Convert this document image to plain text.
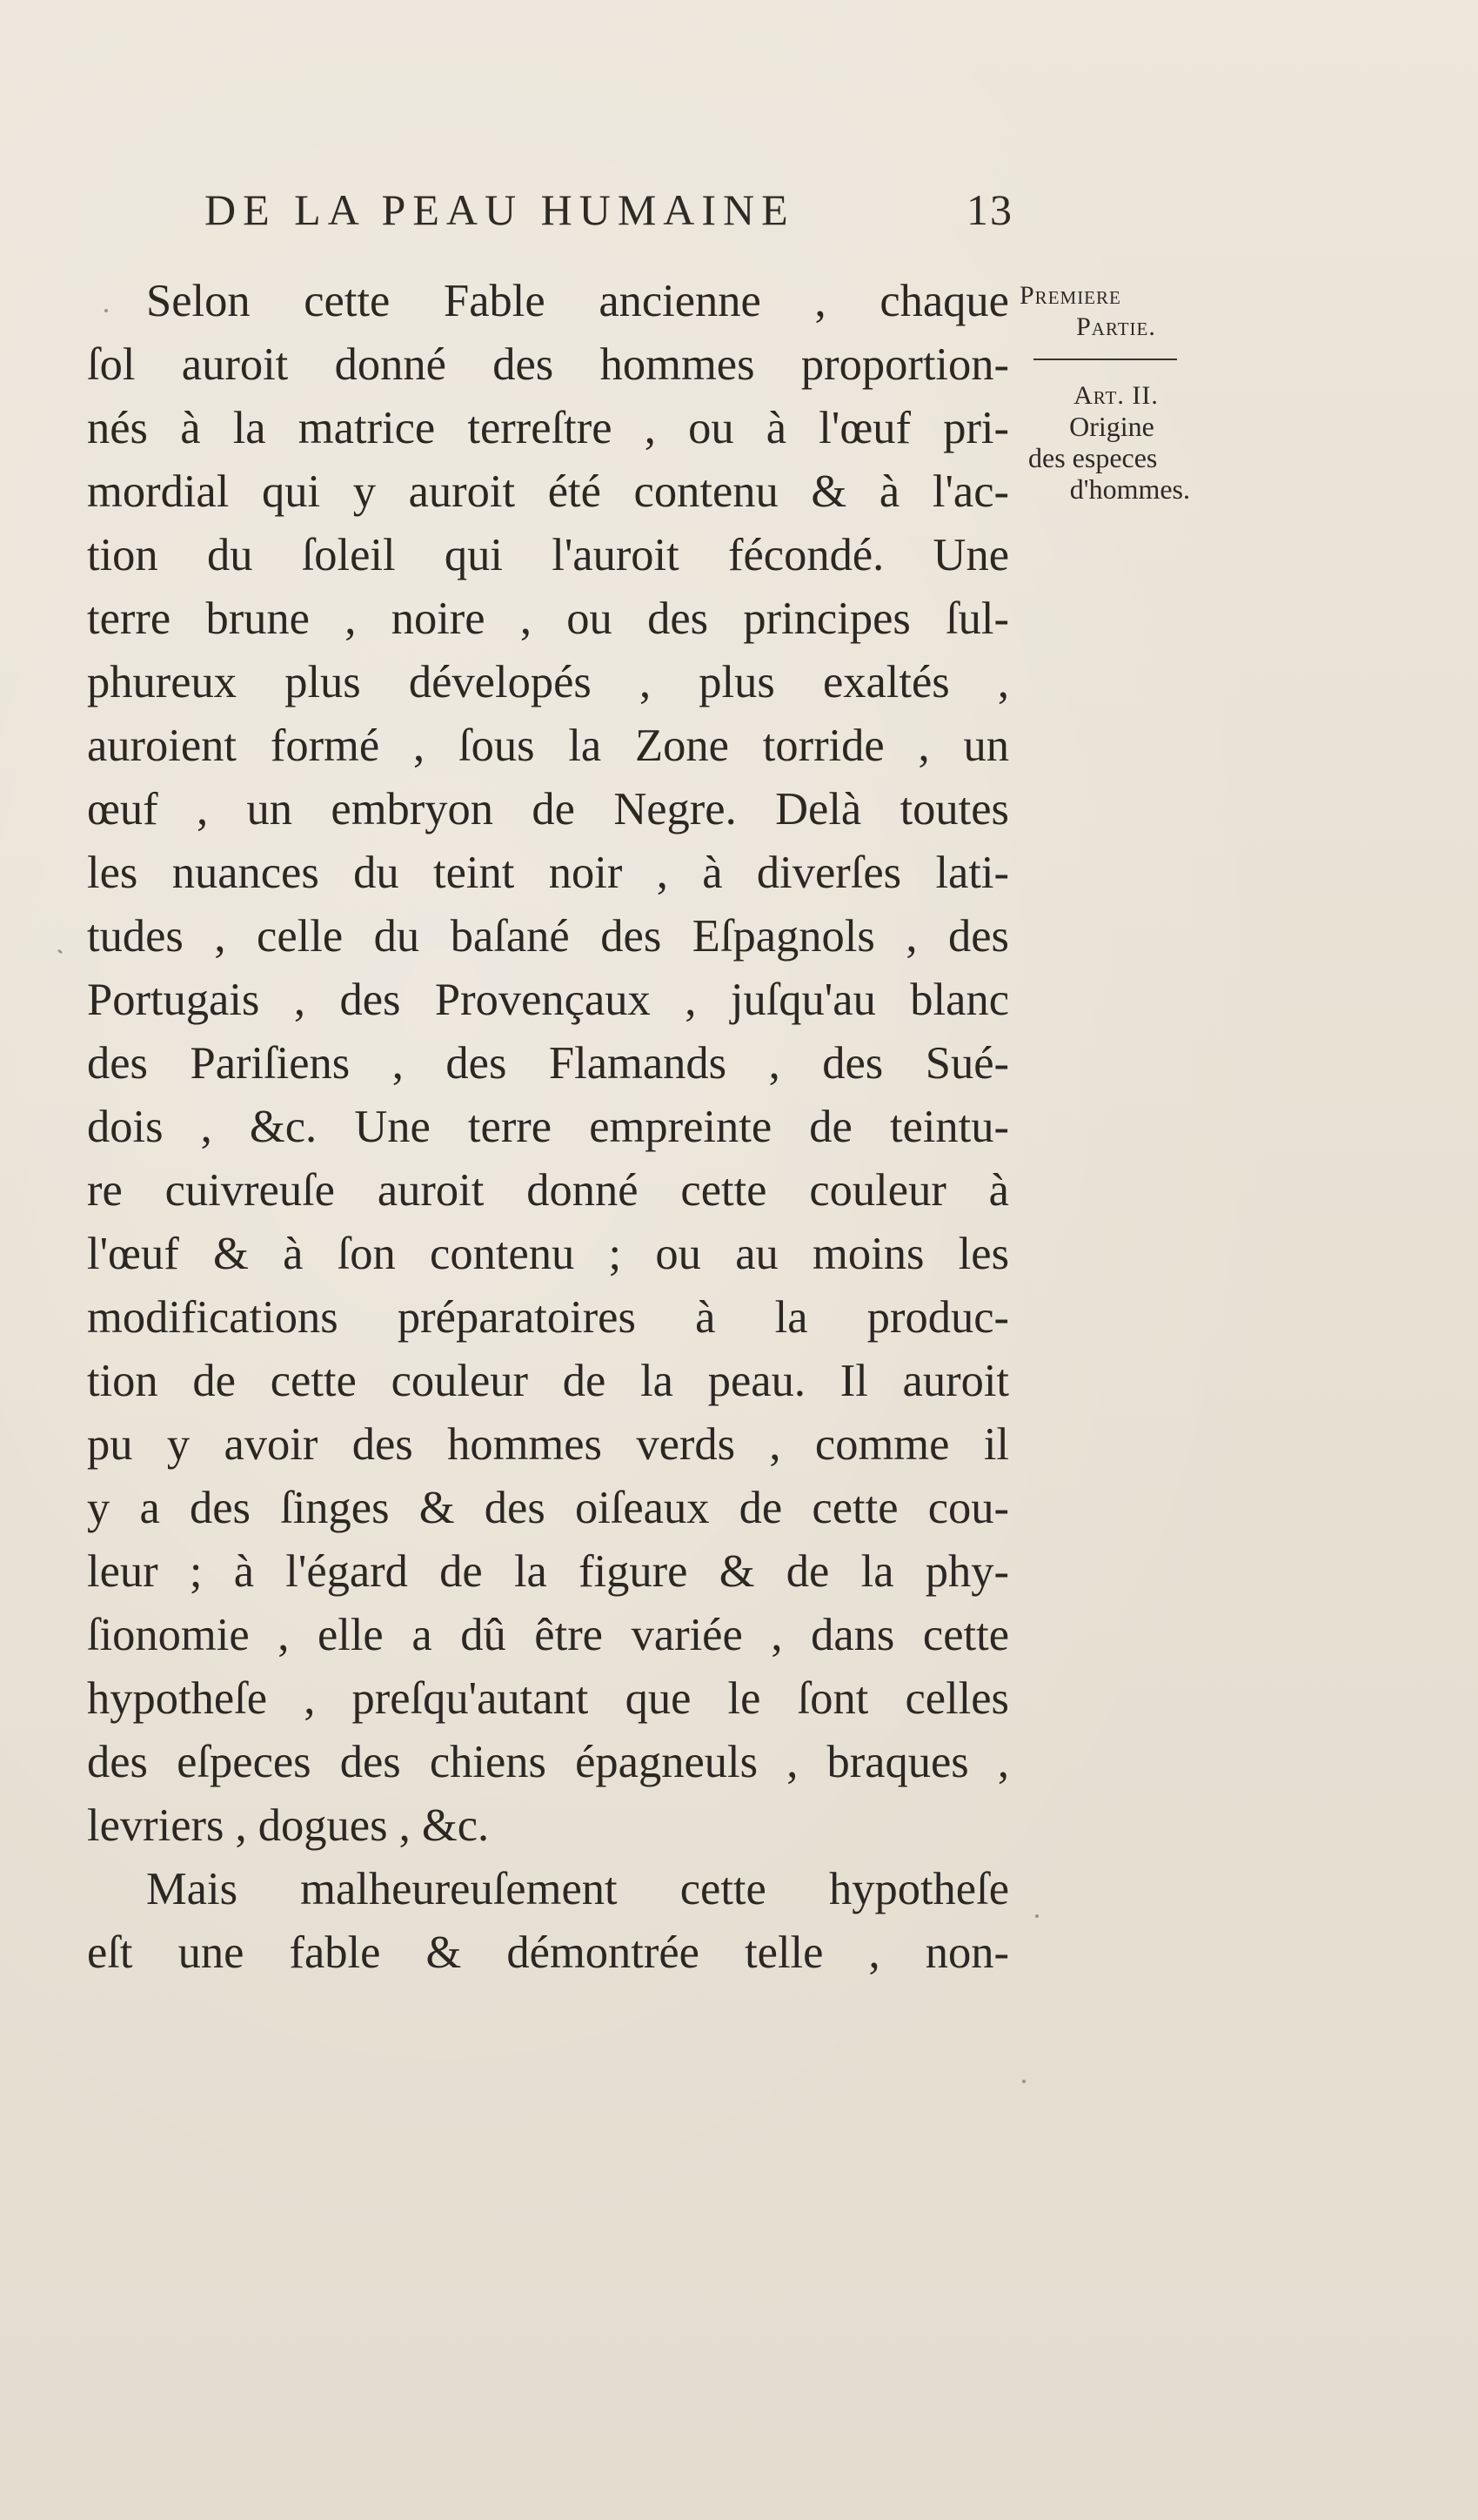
DE LA PEAU HUMAINE	13
Selon cette Fable ancienne , chaque
ſol auroit donné des hommes proportion-
nés à la matrice terreſtre , ou à l'œuf pri-
mordial qui y auroit été contenu & à l'ac-
tion du ſoleil qui l'auroit fécondé. Une
terre brune , noire , ou des principes ſul-
phureux plus dévelopés , plus exaltés ,
auroient formé , ſous la Zone torride , un
œuf , un embryon de Negre. Delà toutes
les nuances du teint noir , à diverſes lati-
tudes , celle du baſané des Eſpagnols , des
Portugais , des Provençaux , juſqu'au blanc
des Pariſiens , des Flamands , des Sué-
dois , &c. Une terre empreinte de teintu-
re cuivreuſe auroit donné cette couleur à
l'œuf & à ſon contenu ; ou au moins les
modifications préparatoires à la produc-
tion de cette couleur de la peau. Il auroit
pu y avoir des hommes verds , comme il
y a des ſinges & des oiſeaux de cette cou-
leur ; à l'égard de la figure & de la phy-
ſionomie , elle a dû être variée , dans cette
hypotheſe , preſqu'autant que le ſont celles
des eſpeces des chiens épagneuls , braques ,
levriers , dogues , &c.
Mais malheureuſement cette hypotheſe
eſt une fable & démontrée telle , non-
Premiere
Partie.
Art. II.
Origine
des especes
d'hommes.
